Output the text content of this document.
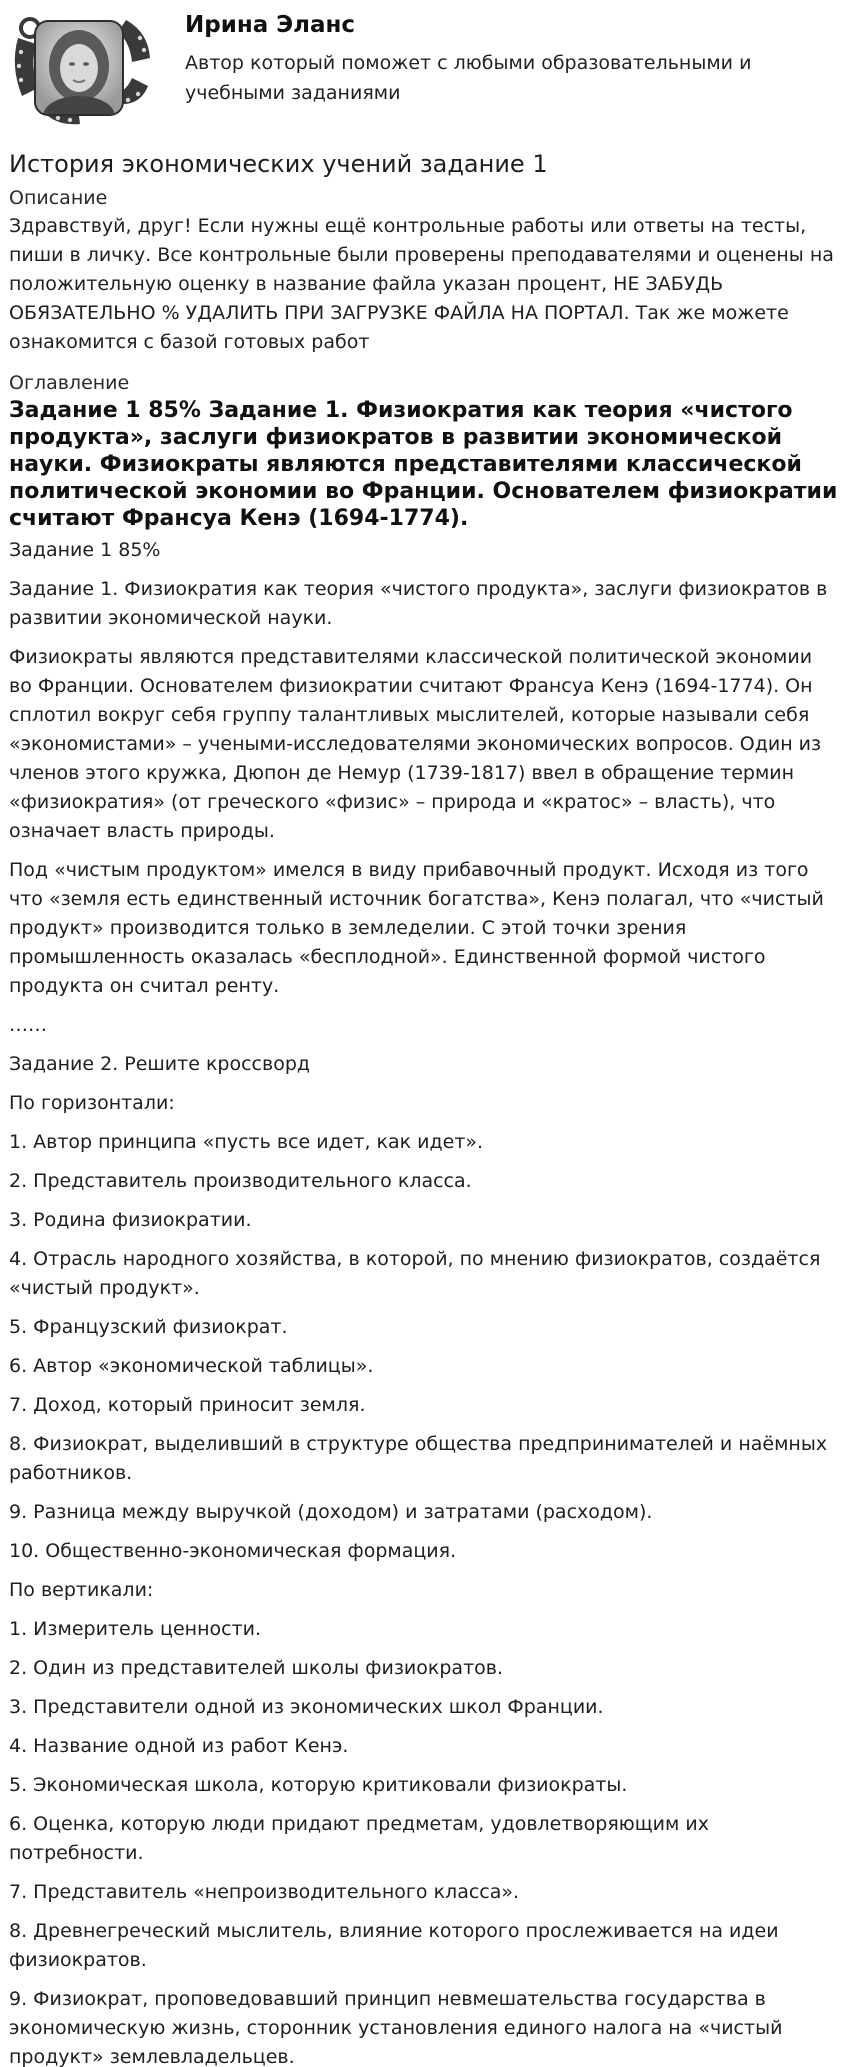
Ирина Эланс
Автор который поможет с любыми образовательными и учебными заданиями
История экономических учений задание 1
Описание
Здравствуй, друг! Если нужны ещё контрольные работы или ответы на тесты, пиши в личку. Все контрольные были проверены преподавателями и оценены на положительную оценку в название файла указан процент, НЕ ЗАБУДЬ ОБЯЗАТЕЛЬНО % УДАЛИТЬ ПРИ ЗАГРУЗКЕ ФАЙЛА НА ПОРТАЛ. Так же можете ознакомится с базой готовых работ
Оглавление
Задание 1 85% Задание 1. Физиократия как теория «чистого продукта», заслуги физиократов в развитии экономической науки. Физиократы являются представителями классической политической экономии во Франции. Основателем физиократии считают Франсуа Кенэ (1694-1774).

Задание 1 85%

Задание 1. Физиократия как теория «чистого продукта», заслуги физиократов в развитии экономической науки.

Физиократы являются представителями классической политической экономии во Франции. Основателем физиократии считают Франсуа Кенэ (1694-1774). Он сплотил вокруг себя группу талантливых мыслителей, которые называли себя «экономистами» – учеными-исследователями экономических вопросов. Один из членов этого кружка, Дюпон де Немур (1739-1817) ввел в обращение термин «физиократия» (от греческого «физис» – природа и «кратос» – власть), что означает власть природы.

Под «чистым продуктом» имелся в виду прибавочный продукт. Исходя из того что «земля есть единственный источник богатства», Кенэ полагал, что «чистый продукт» производится только в земледелии. С этой точки зрения промышленность оказалась «бесплодной». Единственной формой чистого продукта он считал ренту.

……

Задание 2. Решите кроссворд

По горизонтали:

1. Автор принципа «пусть все идет, как идет».

2. Представитель производительного класса.

3. Родина физиократии.

4. Отрасль народного хозяйства, в которой, по мнению физиократов, создаётся «чистый продукт».

5. Французский физиократ.

6. Автор «экономической таблицы».

7. Доход, который приносит земля.

8. Физиократ, выделивший в структуре общества предпринимателей и наёмных работников.

9. Разница между выручкой (доходом) и затратами (расходом).

10. Общественно-экономическая формация.

По вертикали:

1. Измеритель ценности.

2. Один из представителей школы физиократов.

3. Представители одной из экономических школ Франции.

4. Название одной из работ Кенэ.

5. Экономическая школа, которую критиковали физиократы.

6. Оценка, которую люди придают предметам, удовлетворяющим их потребности.

7. Представитель «непроизводительного класса».

8. Древнегреческий мыслитель, влияние которого прослеживается на идеи физиократов.

9. Физиократ, проповедовавший принцип невмешательства государства в экономическую жизнь, сторонник установления единого налога на «чистый продукт» землевладельцев.
